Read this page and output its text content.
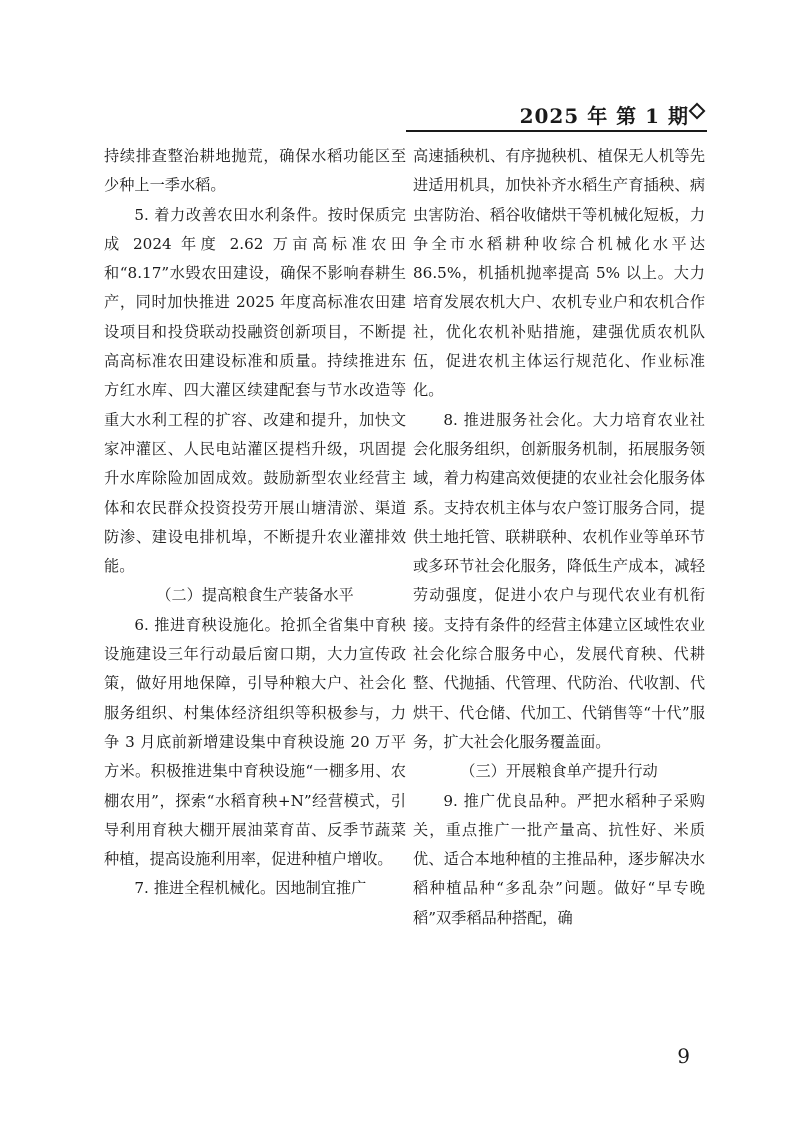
2025 年 第 1 期

持续排查整治耕地抛荒，确保水稻功能区至少种上一季水稻。

5. 着力改善农田水利条件。按时保质完成 2024 年度 2.62 万亩高标准农田和“8.17”水毁农田建设，确保不影响春耕生产，同时加快推进 2025 年度高标准农田建设项目和投贷联动投融资创新项目，不断提高高标准农田建设标准和质量。持续推进东方红水库、四大灌区续建配套与节水改造等重大水利工程的扩容、改建和提升，加快文家冲灌区、人民电站灌区提档升级，巩固提升水库除险加固成效。鼓励新型农业经营主体和农民群众投资投劳开展山塘清淤、渠道防渗、建设电排机埠，不断提升农业灌排效能。

（二）提高粮食生产装备水平

6. 推进育秧设施化。抢抓全省集中育秧设施建设三年行动最后窗口期，大力宣传政策，做好用地保障，引导种粮大户、社会化服务组织、村集体经济组织等积极参与，力争 3 月底前新增建设集中育秧设施 20 万平方米。积极推进集中育秧设施“一棚多用、农棚农用”，探索“水稻育秧+N”经营模式，引导利用育秧大棚开展油菜育苗、反季节蔬菜种植，提高设施利用率，促进种植户增收。

7. 推进全程机械化。因地制宜推广

高速插秧机、有序抛秧机、植保无人机等先进适用机具，加快补齐水稻生产育插秧、病虫害防治、稻谷收储烘干等机械化短板，力争全市水稻耕种收综合机械化水平达 86.5%，机插机抛率提高 5% 以上。大力培育发展农机大户、农机专业户和农机合作社，优化农机补贴措施，建强优质农机队伍，促进农机主体运行规范化、作业标准化。

8. 推进服务社会化。大力培育农业社会化服务组织，创新服务机制，拓展服务领域，着力构建高效便捷的农业社会化服务体系。支持农机主体与农户签订服务合同，提供土地托管、联耕联种、农机作业等单环节或多环节社会化服务，降低生产成本，减轻劳动强度，促进小农户与现代农业有机衔接。支持有条件的经营主体建立区域性农业社会化综合服务中心，发展代育秧、代耕整、代抛插、代管理、代防治、代收割、代烘干、代仓储、代加工、代销售等“十代”服务，扩大社会化服务覆盖面。

（三）开展粮食单产提升行动

9. 推广优良品种。严把水稻种子采购关，重点推广一批产量高、抗性好、米质优、适合本地种植的主推品种，逐步解决水稻种植品种“多乱杂”问题。做好“早专晚稻”双季稻品种搭配，确

9
